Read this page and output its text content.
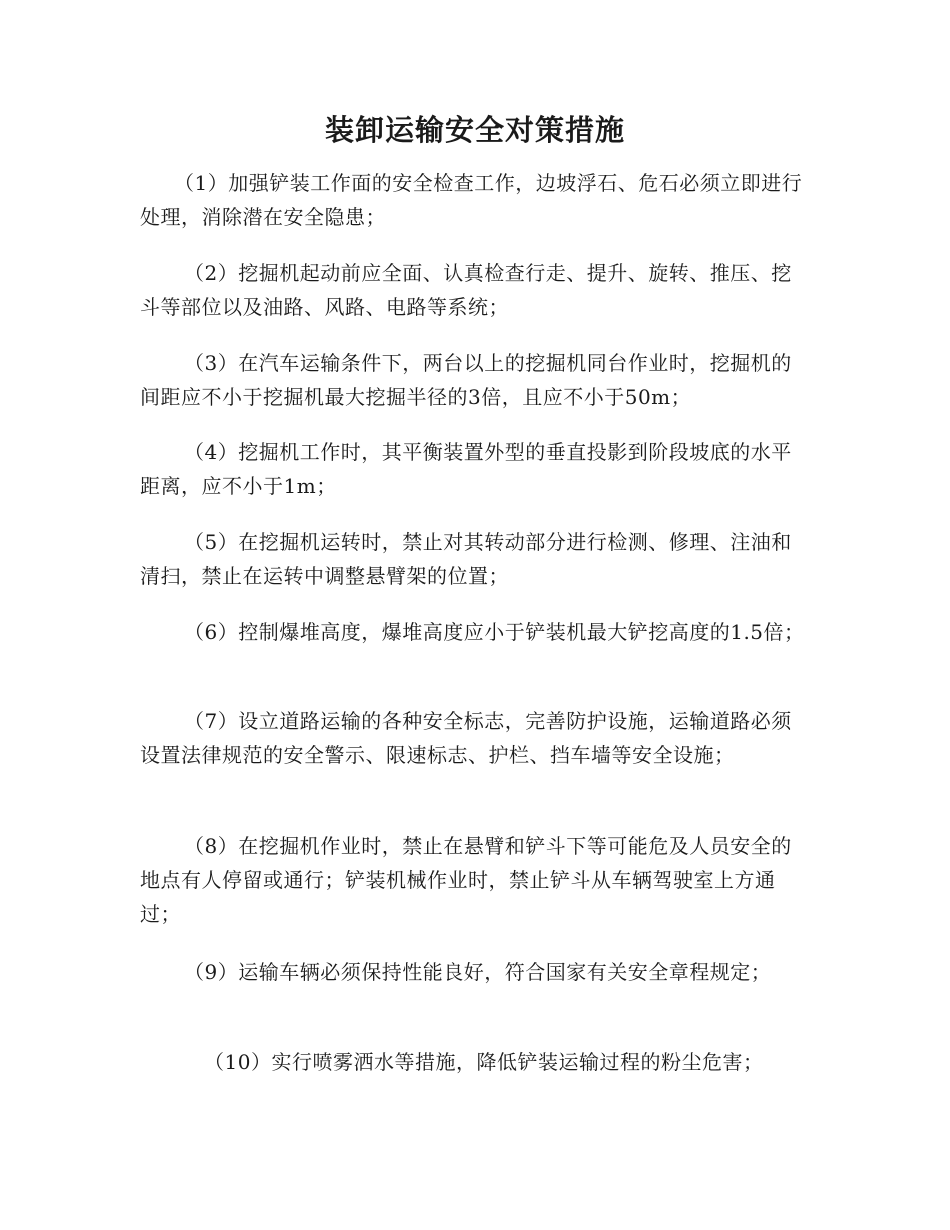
装卸运输安全对策措施

（1）加强铲装工作面的安全检查工作，边坡浮石、危石必须立即进行处理，消除潜在安全隐患；

（2）挖掘机起动前应全面、认真检查行走、提升、旋转、推压、挖斗等部位以及油路、风路、电路等系统；

（3）在汽车运输条件下，两台以上的挖掘机同台作业时，挖掘机的间距应不小于挖掘机最大挖掘半径的3倍，且应不小于50m；

（4）挖掘机工作时，其平衡装置外型的垂直投影到阶段坡底的水平距离，应不小于1m；

（5）在挖掘机运转时，禁止对其转动部分进行检测、修理、注油和清扫，禁止在运转中调整悬臂架的位置；

（6）控制爆堆高度，爆堆高度应小于铲装机最大铲挖高度的1.5倍；

（7）设立道路运输的各种安全标志，完善防护设施，运输道路必须设置法律规范的安全警示、限速标志、护栏、挡车墙等安全设施；

（8）在挖掘机作业时，禁止在悬臂和铲斗下等可能危及人员安全的地点有人停留或通行；铲装机械作业时，禁止铲斗从车辆驾驶室上方通过；

（9）运输车辆必须保持性能良好，符合国家有关安全章程规定；

（10）实行喷雾洒水等措施，降低铲装运输过程的粉尘危害；
